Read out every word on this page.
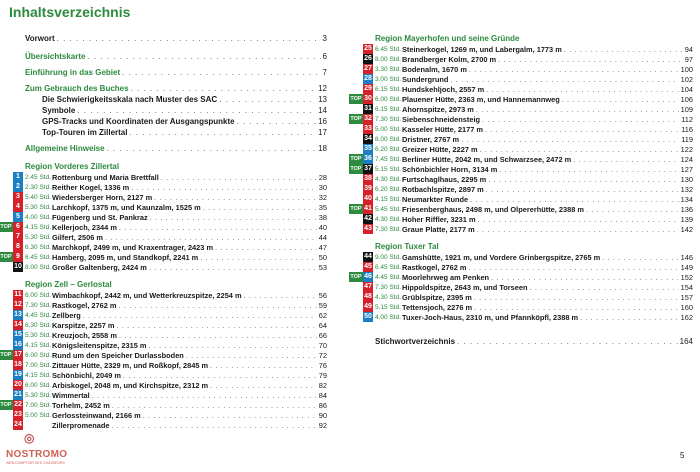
Inhaltsverzeichnis
Vorwort . . .	3
Übersichtskarte . . .	6
Einführung in das Gebiet . . .	7
Zum Gebrauch des Buches . . .	12
Die Schwierigkeitsskala nach Muster des SAC . . .	13
Symbole . . .	14
GPS-Tracks und Koordinaten der Ausgangspunkte . . .	16
Top-Touren im Zillertal . . .	17
Allgemeine Hinweise . . .	18
Region Vorderes Zillertal
1 2.45 Std. Rottenburg und Maria Brettfall . . .	28
2 2.30 Std. Reither Kogel, 1336 m . . .	30
3 5.40 Std. Wiedersberger Horn, 2127 m . . .	32
4 5.30 Std. Larchkopf, 1375 m, und Kaunzalm, 1525 m . . .	35
5 4.00 Std. Fügenberg und St. Pankraz . . .	38
TOP 6 4.15 Std. Kellerjoch, 2344 m . . .	40
7 5.30 Std. Gilfert, 2506 m . . .	44
8 6.30 Std. Marchkopf, 2499 m, und Kraxentrager, 2423 m . . .	47
TOP 9 6.45 Std. Hamberg, 2095 m, und Standkopf, 2241 m . . .	50
10 8.00 Std. Großer Galtenberg, 2424 m . . .	53
Region Zell – Gerlostal
11 6.00 Std. Wimbachkopf, 2442 m, und Wetterkreuzspitze, 2254 m . . .	56
12 7.30 Std. Rastkogel, 2762 m . . .	59
13 4.45 Std. Zellberg . . .	62
14 6.30 Std. Karspitze, 2257 m . . .	64
15 5.30 Std. Kreuzjoch, 2558 m . . .	66
16 4.15 Std. Königsleitenspitze, 2315 m . . .	70
TOP 17 6.00 Std. Rund um den Speicher Durlassboden . . .	72
18 7.00 Std. Zittauer Hütte, 2329 m, und Roßkopf, 2845 m . . .	76
19 4.15 Std. Schönbichl, 2049 m . . .	79
20 6.00 Std. Arbiskogel, 2048 m, und Kirchspitze, 2312 m . . .	82
21 5.30 Std. Wimmertal . . .	84
TOP 22 7.00 Std. Torhelm, 2452 m . . .	86
23 5.00 Std. Gerlossteinwand, 2166 m . . .	90
24	Zillerpromenade . . .	92
Region Mayerhofen und seine Gründe
25 6.45 Std. Steinerkogel, 1269 m, und Labergalm, 1773 m . . .	94
26 8.00 Std. Brandberger Kolm, 2700 m . . .	97
27 3.30 Std. Bodenalm, 1670 m . . .	100
28 3.00 Std. Sundergrund . . .	102
29 6.15 Std. Hundskehljoch, 2557 m . . .	104
TOP 30 6.00 Std. Plauener Hütte, 2363 m, und Hannemannweg . . .	106
31 6.15 Std. Ahornspitze, 2973 m . . .	109
TOP 32 7.30 Std. Siebenschneidensteig . . .	112
33 5.00 Std. Kasseler Hütte, 2177 m . . .	116
34 8.00 Std. Dristner, 2767 m . . .	119
35 6.20 Std. Greizer Hütte, 2227 m . . .	122
TOP 36 7.45 Std. Berliner Hütte, 2042 m, und Schwarzsee, 2472 m . . .	124
TOP 37 5.15 Std. Schönbichler Horn, 3134 m . . .	127
38 4.30 Std. Furtschaglhaus, 2295 m . . .	130
39 6.20 Std. Rotbachlspitze, 2897 m . . .	132
40 4.15 Std. Neumarkter Runde . . .	134
TOP 41 5.45 Std. Friesenberghaus, 2498 m, und Olpererhütte, 2388 m . . .	136
42 4.30 Std. Hoher Riffler, 3231 m . . .	139
43 7.30 Std. Graue Platte, 2177 m . . .	142
Region Tuxer Tal
44 9.00 Std. Gamshütte, 1921 m, und Vordere Grinbergspitze, 2765 m . . .	146
45 6.45 Std. Rastkogel, 2762 m . . .	149
TOP 46 4.45 Std. Moorlehrweg am Penken . . .	152
47 7.30 Std. Hippoldspitze, 2643 m, und Torseen . . .	154
48 4.30 Std. Grüblspitze, 2395 m . . .	157
49 5.15 Std. Tettensjoch, 2276 m . . .	160
50 4.00 Std. Tuxer-Joch-Haus, 2310 m, und Pfannköpfl, 2388 m . . .	162
Stichwortverzeichnis . . .	164
5
◎
NOSTROMO
WEB-COMPTOIR DES CHASSEURS
